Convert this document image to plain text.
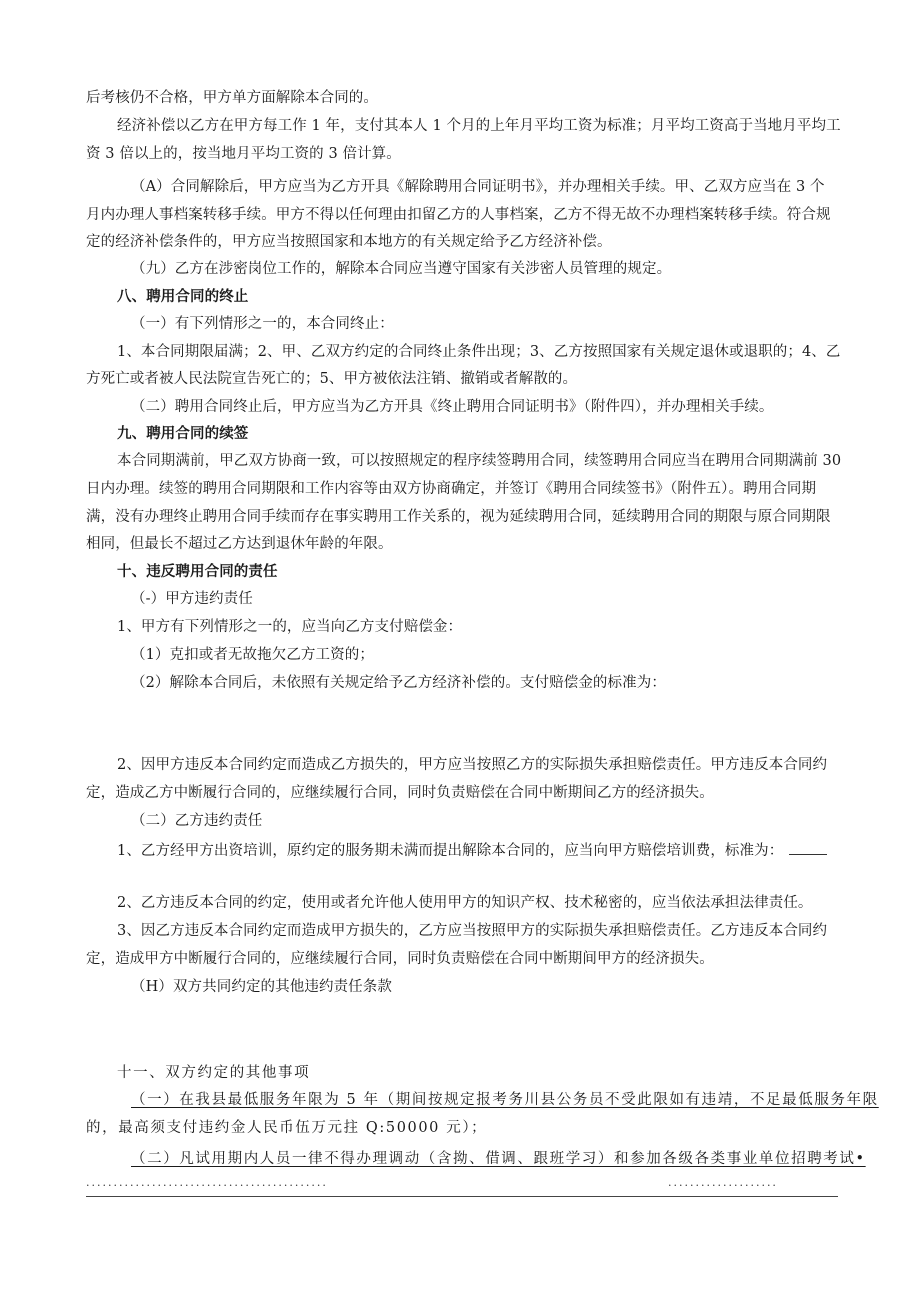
后考核仍不合格，甲方单方面解除本合同的。
经济补偿以乙方在甲方每工作 1 年，支付其本人 1 个月的上年月平均工资为标准；月平均工资高于当地月平均工
资 3 倍以上的，按当地月平均工资的 3 倍计算。
（A）合同解除后，甲方应当为乙方开具《解除聘用合同证明书》，并办理相关手续。甲、乙双方应当在 3 个
月内办理人事档案转移手续。甲方不得以任何理由扣留乙方的人事档案，乙方不得无故不办理档案转移手续。符合规
定的经济补偿条件的，甲方应当按照国家和本地方的有关规定给予乙方经济补偿。
（九）乙方在涉密岗位工作的，解除本合同应当遵守国家有关涉密人员管理的规定。
八、聘用合同的终止
（一）有下列情形之一的，本合同终止：
1、本合同期限届满；2、甲、乙双方约定的合同终止条件出现；3、乙方按照国家有关规定退休或退职的；4、乙
方死亡或者被人民法院宣告死亡的；5、甲方被依法注销、撤销或者解散的。
（二）聘用合同终止后，甲方应当为乙方开具《终止聘用合同证明书》（附件四），并办理相关手续。
九、聘用合同的续签
本合同期满前，甲乙双方协商一致，可以按照规定的程序续签聘用合同，续签聘用合同应当在聘用合同期满前 30
日内办理。续签的聘用合同期限和工作内容等由双方协商确定，并签订《聘用合同续签书》（附件五）。聘用合同期
满，没有办理终止聘用合同手续而存在事实聘用工作关系的，视为延续聘用合同，延续聘用合同的期限与原合同期限
相同，但最长不超过乙方达到退休年龄的年限。
十、违反聘用合同的责任
（-）甲方违约责任
1、甲方有下列情形之一的，应当向乙方支付赔偿金：
（1）克扣或者无故拖欠乙方工资的；
（2）解除本合同后，未依照有关规定给予乙方经济补偿的。支付赔偿金的标准为：
2、因甲方违反本合同约定而造成乙方损失的，甲方应当按照乙方的实际损失承担赔偿责任。甲方违反本合同约
定，造成乙方中断履行合同的，应继续履行合同，同时负责赔偿在合同中断期间乙方的经济损失。
（二）乙方违约责任
1、乙方经甲方出资培训，原约定的服务期未满而提出解除本合同的，应当向甲方赔偿培训费，标准为：
2、乙方违反本合同的约定，使用或者允许他人使用甲方的知识产权、技术秘密的，应当依法承担法律责任。
3、因乙方违反本合同约定而造成甲方损失的，乙方应当按照甲方的实际损失承担赔偿责任。乙方违反本合同约
定，造成甲方中断履行合同的，应继续履行合同，同时负责赔偿在合同中断期间甲方的经济损失。
（H）双方共同约定的其他违约责任条款
十一、双方约定的其他事项
（一）在我县最低服务年限为 5 年（期间按规定报考务川县公务员不受此限如有违靖，不足最低服务年限
的，最高须支付违约金人民币伍万元拄 Q:50000 元）；
（二）凡试用期内人员一律不得办理调动（含拗、借调、跟班学习）和参加各级各类事业单位招聘考试•
............................................	....................
